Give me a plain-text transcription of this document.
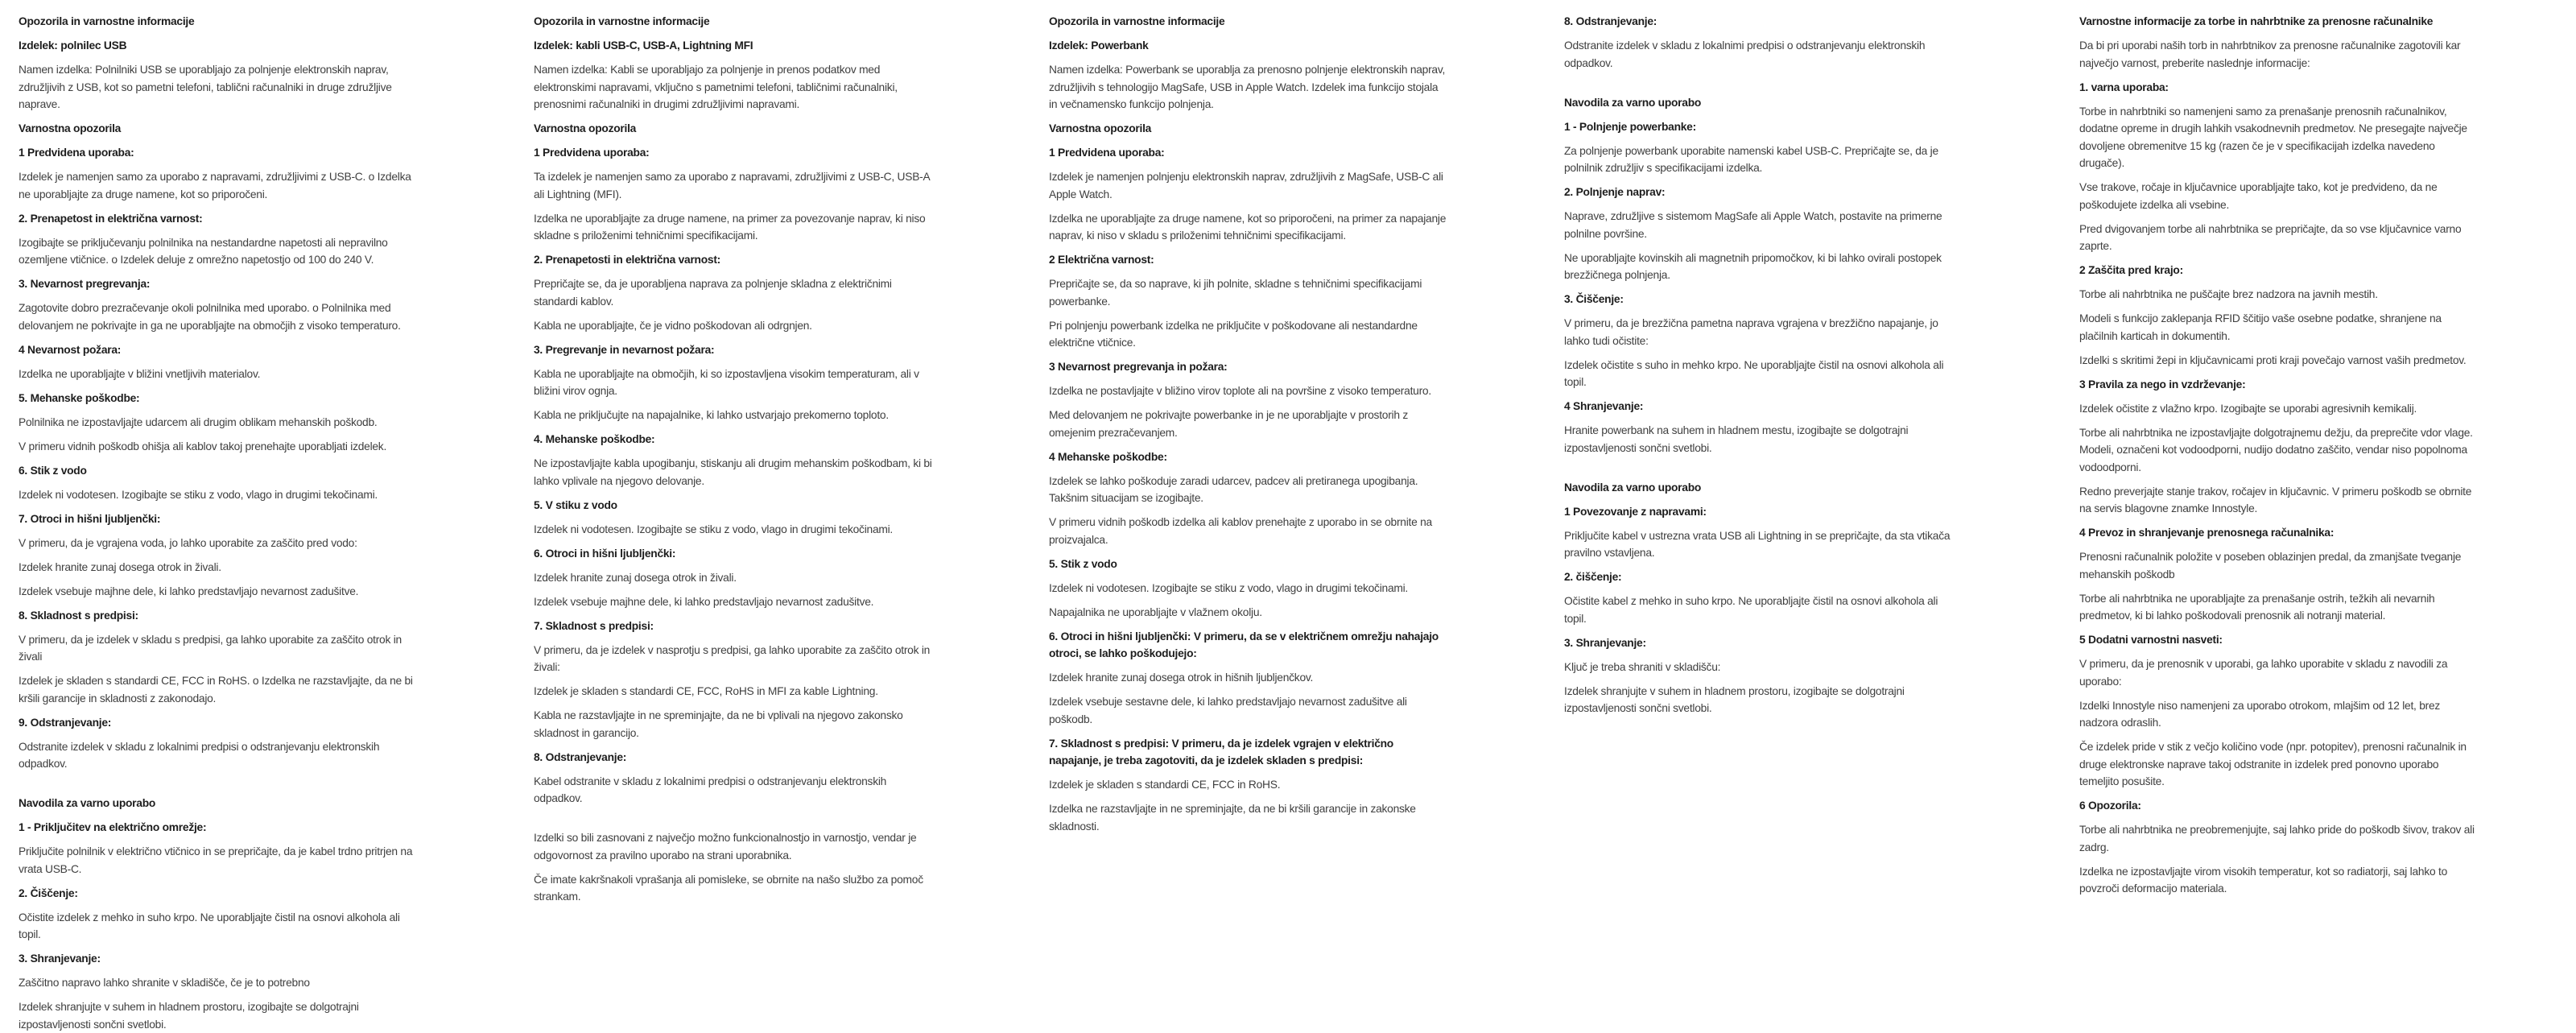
Opozorila in varnostne informacije
Izdelek: polnilec USB

Namen izdelka: Polnilniki USB se uporabljajo za polnjenje elektronskih naprav, združljivih z USB, kot so pametni telefoni, tablični računalniki in druge združljive naprave.

Varnostna opozorila
1 Predvidena uporaba:

Izdelek je namenjen samo za uporabo z napravami, združljivimi z USB-C. o Izdelka ne uporabljajte za druge namene, kot so priporočeni.

2. Prenapetost in električna varnost:

Izogibajte se priključevanju polnilnika na nestandardne napetosti ali nepravilno ozemljene vtičnice. o Izdelek deluje z omrežno napetostjo od 100 do 240 V.

3. Nevarnost pregrevanja:

Zagotovite dobro prezračevanje okoli polnilnika med uporabo. o Polnilnika med delovanjem ne pokrivajte in ga ne uporabljajte na območjih z visoko temperaturo.

4 Nevarnost požara:

Izdelka ne uporabljajte v bližini vnetljivih materialov.

5. Mehanske poškodbe:

Polnilnika ne izpostavljajte udarcem ali drugim oblikam mehanskih poškodb.

V primeru vidnih poškodb ohišja ali kablov takoj prenehajte uporabljati izdelek.

6. Stik z vodo

Izdelek ni vodotesen. Izogibajte se stiku z vodo, vlago in drugimi tekočinami.

7. Otroci in hišni ljubljenčki:

V primeru, da je vgrajena voda, jo lahko uporabite za zaščito pred vodo:

Izdelek hranite zunaj dosega otrok in živali.

Izdelek vsebuje majhne dele, ki lahko predstavljajo nevarnost zadušitve.

8. Skladnost s predpisi:

V primeru, da je izdelek v skladu s predpisi, ga lahko uporabite za zaščito otrok in živali

Izdelek je skladen s standardi CE, FCC in RoHS. o Izdelka ne razstavljajte, da ne bi kršili garancije in skladnosti z zakonodajo.

9. Odstranjevanje:

Odstranite izdelek v skladu z lokalnimi predpisi o odstranjevanju elektronskih odpadkov.

Navodila za varno uporabo
1 - Priključitev na električno omrežje:

Priključite polnilnik v električno vtičnico in se prepričajte, da je kabel trdno pritrjen na vrata USB-C.

2. Čiščenje:

Očistite izdelek z mehko in suho krpo. Ne uporabljajte čistil na osnovi alkohola ali topil.

3. Shranjevanje:

Zaščitno napravo lahko shranite v skladišče, če je to potrebno

Izdelek shranjujte v suhem in hladnem prostoru, izogibajte se dolgotrajni izpostavljenosti sončni svetlobi.

Opozorila in varnostne informacije
Izdelek: kabli USB-C, USB-A, Lightning MFI

Namen izdelka: Kabli se uporabljajo za polnjenje in prenos podatkov med elektronskimi napravami, vključno s pametnimi telefoni, tabličnimi računalniki, prenosnimi računalniki in drugimi združljivimi napravami.

Varnostna opozorila
1 Predvidena uporaba:

Ta izdelek je namenjen samo za uporabo z napravami, združljivimi z USB-C, USB-A ali Lightning (MFI).

Izdelka ne uporabljajte za druge namene, na primer za povezovanje naprav, ki niso skladne s priloženimi tehničnimi specifikacijami.

2. Prenapetosti in električna varnost:

Prepričajte se, da je uporabljena naprava za polnjenje skladna z električnimi standardi kablov.

Kabla ne uporabljajte, če je vidno poškodovan ali odrgnjen.

3. Pregrevanje in nevarnost požara:

Kabla ne uporabljajte na območjih, ki so izpostavljena visokim temperaturam, ali v bližini virov ognja.

Kabla ne priključujte na napajalnike, ki lahko ustvarjajo prekomerno toploto.

4. Mehanske poškodbe:

Ne izpostavljajte kabla upogibanju, stiskanju ali drugim mehanskim poškodbam, ki bi lahko vplivale na njegovo delovanje.

5. V stiku z vodo

Izdelek ni vodotesen. Izogibajte se stiku z vodo, vlago in drugimi tekočinami.

6. Otroci in hišni ljubljenčki:

Izdelek hranite zunaj dosega otrok in živali.

Izdelek vsebuje majhne dele, ki lahko predstavljajo nevarnost zadušitve.

7. Skladnost s predpisi:

V primeru, da je izdelek v nasprotju s predpisi, ga lahko uporabite za zaščito otrok in živali:

Izdelek je skladen s standardi CE, FCC, RoHS in MFI za kable Lightning.

Kabla ne razstavljajte in ne spreminjajte, da ne bi vplivali na njegovo zakonsko skladnost in garancijo.

8. Odstranjevanje:

Kabel odstranite v skladu z lokalnimi predpisi o odstranjevanju elektronskih odpadkov.

Izdelki so bili zasnovani z največjo možno funkcionalnostjo in varnostjo, vendar je odgovornost za pravilno uporabo na strani uporabnika.

Če imate kakršnakoli vprašanja ali pomisleke, se obrnite na našo službo za pomoč strankam.

Opozorila in varnostne informacije
Izdelek: Powerbank

Namen izdelka: Powerbank se uporablja za prenosno polnjenje elektronskih naprav, združljivih s tehnologijo MagSafe, USB in Apple Watch. Izdelek ima funkcijo stojala in večnamensko funkcijo polnjenja.

Varnostna opozorila
1 Predvidena uporaba:

Izdelek je namenjen polnjenju elektronskih naprav, združljivih z MagSafe, USB-C ali Apple Watch.

Izdelka ne uporabljajte za druge namene, kot so priporočeni, na primer za napajanje naprav, ki niso v skladu s priloženimi tehničnimi specifikacijami.

2 Električna varnost:

Prepričajte se, da so naprave, ki jih polnite, skladne s tehničnimi specifikacijami powerbanke.

Pri polnjenju powerbank izdelka ne priključite v poškodovane ali nestandardne električne vtičnice.

3 Nevarnost pregrevanja in požara:

Izdelka ne postavljajte v bližino virov toplote ali na površine z visoko temperaturo.

Med delovanjem ne pokrivajte powerbanke in je ne uporabljajte v prostorih z omejenim prezračevanjem.

4 Mehanske poškodbe:

Izdelek se lahko poškoduje zaradi udarcev, padcev ali pretiranega upogibanja. Takšnim situacijam se izogibajte.

V primeru vidnih poškodb izdelka ali kablov prenehajte z uporabo in se obrnite na proizvajalca.

5. Stik z vodo

Izdelek ni vodotesen. Izogibajte se stiku z vodo, vlago in drugimi tekočinami.

Napajalnika ne uporabljajte v vlažnem okolju.

6. Otroci in hišni ljubljenčki: V primeru, da se v električnem omrežju nahajajo otroci, se lahko poškodujejo:

Izdelek hranite zunaj dosega otrok in hišnih ljubljenčkov.

Izdelek vsebuje sestavne dele, ki lahko predstavljajo nevarnost zadušitve ali poškodb.

7. Skladnost s predpisi: V primeru, da je izdelek vgrajen v električno napajanje, je treba zagotoviti, da je izdelek skladen s predpisi:

Izdelek je skladen s standardi CE, FCC in RoHS.

Izdelka ne razstavljajte in ne spreminjajte, da ne bi kršili garancije in zakonske skladnosti.

8. Odstranjevanje:

Odstranite izdelek v skladu z lokalnimi predpisi o odstranjevanju elektronskih odpadkov.

Navodila za varno uporabo
1 - Polnjenje powerbanke:

Za polnjenje powerbank uporabite namenski kabel USB-C. Prepričajte se, da je polnilnik združljiv s specifikacijami izdelka.

2. Polnjenje naprav:

Naprave, združljive s sistemom MagSafe ali Apple Watch, postavite na primerne polnilne površine.

Ne uporabljajte kovinskih ali magnetnih pripomočkov, ki bi lahko ovirali postopek brezžičnega polnjenja.

3. Čiščenje:

V primeru, da je brezžična pametna naprava vgrajena v brezžično napajanje, jo lahko tudi očistite:

Izdelek očistite s suho in mehko krpo. Ne uporabljajte čistil na osnovi alkohola ali topil.

4 Shranjevanje:

Hranite powerbank na suhem in hladnem mestu, izogibajte se dolgotrajni izpostavljenosti sončni svetlobi.

Navodila za varno uporabo
1 Povezovanje z napravami:

Priključite kabel v ustrezna vrata USB ali Lightning in se prepričajte, da sta vtikača pravilno vstavljena.

2. čiščenje:

Očistite kabel z mehko in suho krpo. Ne uporabljajte čistil na osnovi alkohola ali topil.

3. Shranjevanje:

Ključ je treba shraniti v skladišču:

Izdelek shranjujte v suhem in hladnem prostoru, izogibajte se dolgotrajni izpostavljenosti sončni svetlobi.

Varnostne informacije za torbe in nahrbtnike za prenosne računalnike

Da bi pri uporabi naših torb in nahrbtnikov za prenosne računalnike zagotovili kar največjo varnost, preberite naslednje informacije:

1. varna uporaba:

Torbe in nahrbtniki so namenjeni samo za prenašanje prenosnih računalnikov, dodatne opreme in drugih lahkih vsakodnevnih predmetov. Ne presegajte največje dovoljene obremenitve 15 kg (razen če je v specifikacijah izdelka navedeno drugače).

Vse trakove, ročaje in ključavnice uporabljajte tako, kot je predvideno, da ne poškodujete izdelka ali vsebine.

Pred dvigovanjem torbe ali nahrbtnika se prepričajte, da so vse ključavnice varno zaprte.

2 Zaščita pred krajo:

Torbe ali nahrbtnika ne puščajte brez nadzora na javnih mestih.

Modeli s funkcijo zaklepanja RFID ščitijo vaše osebne podatke, shranjene na plačilnih karticah in dokumentih.

Izdelki s skritimi žepi in ključavnicami proti kraji povečajo varnost vaših predmetov.

3 Pravila za nego in vzdrževanje:

Izdelek očistite z vlažno krpo. Izogibajte se uporabi agresivnih kemikalij.

Torbe ali nahrbtnika ne izpostavljajte dolgotrajnemu dežju, da preprečite vdor vlage. Modeli, označeni kot vodoodporni, nudijo dodatno zaščito, vendar niso popolnoma vodoodporni.

Redno preverjajte stanje trakov, ročajev in ključavnic. V primeru poškodb se obrnite na servis blagovne znamke Innostyle.

4 Prevoz in shranjevanje prenosnega računalnika:

Prenosni računalnik položite v poseben oblazinjen predal, da zmanjšate tveganje mehanskih poškodb

Torbe ali nahrbtnika ne uporabljajte za prenašanje ostrih, težkih ali nevarnih predmetov, ki bi lahko poškodovali prenosnik ali notranji material.

5 Dodatni varnostni nasveti:

V primeru, da je prenosnik v uporabi, ga lahko uporabite v skladu z navodili za uporabo:

Izdelki Innostyle niso namenjeni za uporabo otrokom, mlajšim od 12 let, brez nadzora odraslih.

Če izdelek pride v stik z večjo količino vode (npr. potopitev), prenosni računalnik in druge elektronske naprave takoj odstranite in izdelek pred ponovno uporabo temeljito posušite.

6 Opozorila:

Torbe ali nahrbtnika ne preobremenjujte, saj lahko pride do poškodb šivov, trakov ali zadrg.

Izdelka ne izpostavljajte virom visokih temperatur, kot so radiatorji, saj lahko to povzroči deformacijo materiala.
